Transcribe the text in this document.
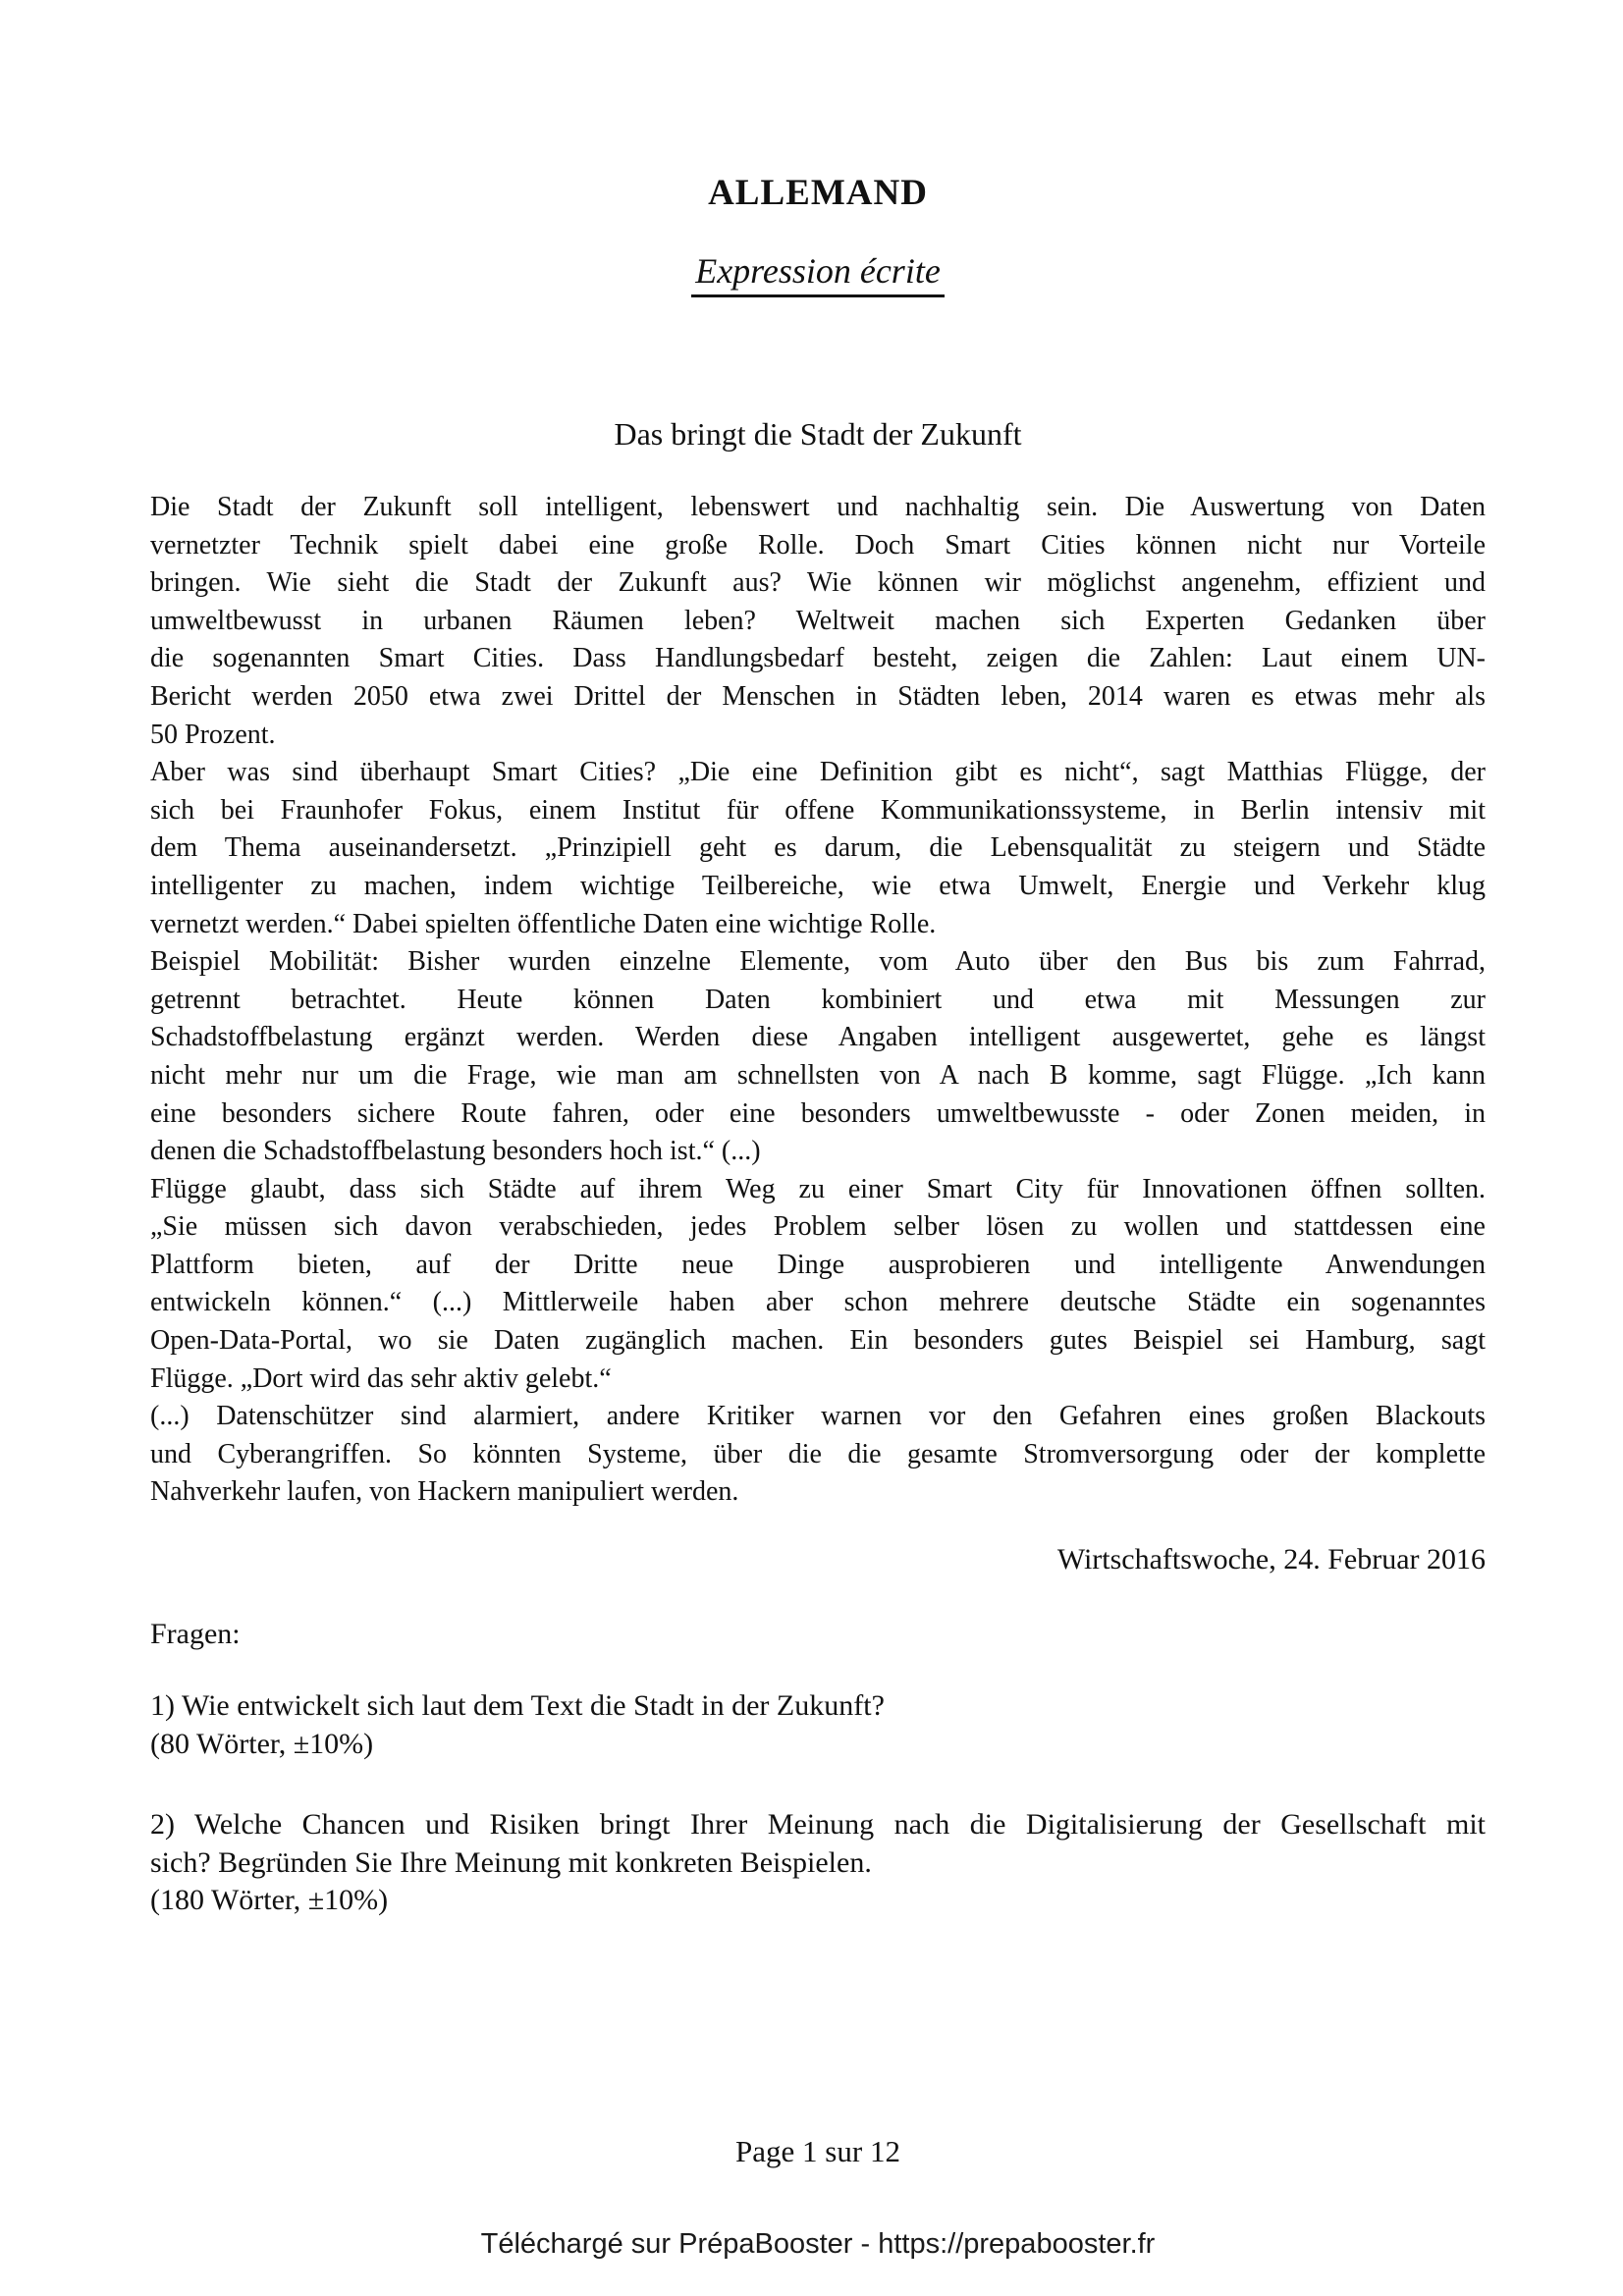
ALLEMAND
Expression écrite
Das bringt die Stadt der Zukunft
Die Stadt der Zukunft soll intelligent, lebenswert und nachhaltig sein. Die Auswertung von Daten
vernetzter Technik spielt dabei eine große Rolle. Doch Smart Cities können nicht nur Vorteile
bringen. Wie sieht die Stadt der Zukunft aus? Wie können wir möglichst angenehm, effizient und
umweltbewusst in urbanen Räumen leben? Weltweit machen sich Experten Gedanken über
die sogenannten Smart Cities. Dass Handlungsbedarf besteht, zeigen die Zahlen: Laut einem UN-
Bericht werden 2050 etwa zwei Drittel der Menschen in Städten leben, 2014 waren es etwas mehr als
50 Prozent.
Aber was sind überhaupt Smart Cities? „Die eine Definition gibt es nicht“, sagt Matthias Flügge, der
sich bei Fraunhofer Fokus, einem Institut für offene Kommunikationssysteme, in Berlin intensiv mit
dem Thema auseinandersetzt. „Prinzipiell geht es darum, die Lebensqualität zu steigern und Städte
intelligenter zu machen, indem wichtige Teilbereiche, wie etwa Umwelt, Energie und Verkehr klug
vernetzt werden.“ Dabei spielten öffentliche Daten eine wichtige Rolle.
Beispiel Mobilität: Bisher wurden einzelne Elemente, vom Auto über den Bus bis zum Fahrrad,
getrennt betrachtet. Heute können Daten kombiniert und etwa mit Messungen zur
Schadstoffbelastung ergänzt werden. Werden diese Angaben intelligent ausgewertet, gehe es längst
nicht mehr nur um die Frage, wie man am schnellsten von A nach B komme, sagt Flügge. „Ich kann
eine besonders sichere Route fahren, oder eine besonders umweltbewusste - oder Zonen meiden, in
denen die Schadstoffbelastung besonders hoch ist.“ (...)
Flügge glaubt, dass sich Städte auf ihrem Weg zu einer Smart City für Innovationen öffnen sollten.
„Sie müssen sich davon verabschieden, jedes Problem selber lösen zu wollen und stattdessen eine
Plattform bieten, auf der Dritte neue Dinge ausprobieren und intelligente Anwendungen
entwickeln können.“ (...) Mittlerweile haben aber schon mehrere deutsche Städte ein sogenanntes
Open-Data-Portal, wo sie Daten zugänglich machen. Ein besonders gutes Beispiel sei Hamburg, sagt
Flügge. „Dort wird das sehr aktiv gelebt.“
(...) Datenschützer sind alarmiert, andere Kritiker warnen vor den Gefahren eines großen Blackouts
und Cyberangriffen. So könnten Systeme, über die die gesamte Stromversorgung oder der komplette
Nahverkehr laufen, von Hackern manipuliert werden.
Wirtschaftswoche, 24. Februar 2016
Fragen:
1) Wie entwickelt sich laut dem Text die Stadt in der Zukunft?
(80 Wörter, ±10%)
2) Welche Chancen und Risiken bringt Ihrer Meinung nach die Digitalisierung der Gesellschaft mit
sich? Begründen Sie Ihre Meinung mit konkreten Beispielen.
(180 Wörter, ±10%)
Page 1 sur 12
Téléchargé sur PrépaBooster - https://prepabooster.fr
